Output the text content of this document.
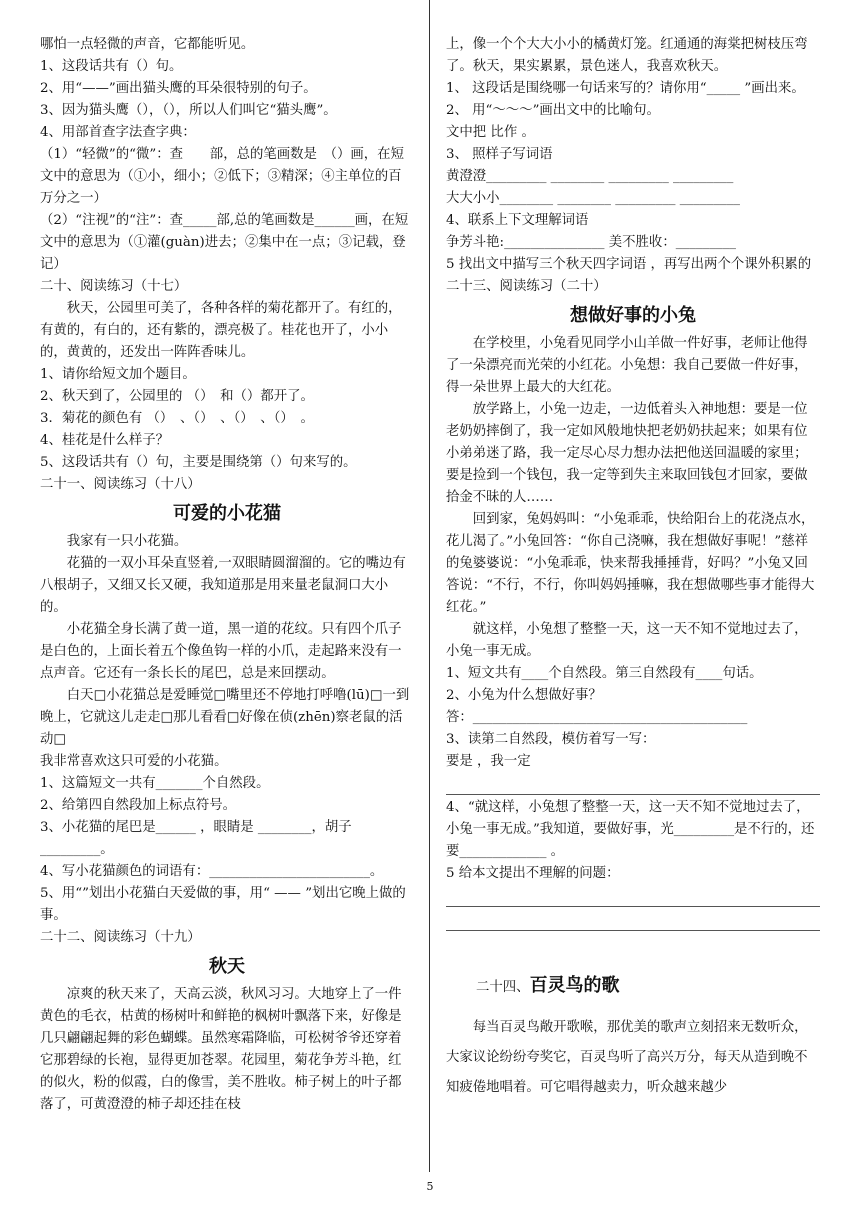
哪怕一点轻微的声音，它都能听见。

1、这段话共有（）句。

2、用“——”画出猫头鹰的耳朵很特别的句子。

3、因为猫头鹰（），（），所以人们叫它“猫头鹰”。

4、用部首查字法查字典：

（1）“轻微”的“微”：查　　部，总的笔画数是　（）画，在短文中的意思为（①小，细小；②低下；③精深；④主单位的百万分之一）

（2）“注视”的“注”：查_____部,总的笔画数是______画，在短文中的意思为（①灌(guàn)进去；②集中在一点；③记载，登记）

二十、阅读练习（十七）

秋天，公园里可美了，各种各样的菊花都开了。有红的，有黄的，有白的，还有紫的，漂亮极了。桂花也开了，小小的，黄黄的，还发出一阵阵香味儿。

1、请你给短文加个题目。

2、秋天到了，公园里的 （）　和（）都开了。

3．菊花的颜色有 （）　、（）　、（）　、（）　。

4、桂花是什么样子？

5、这段话共有（）句，主要是围绕第（）句来写的。

二十一、阅读练习（十八）

可爱的小花猫

我家有一只小花猫。

花猫的一双小耳朵直竖着,一双眼睛圆溜溜的。它的嘴边有八根胡子，又细又长又硬，我知道那是用来量老鼠洞口大小的。

小花猫全身长满了黄一道，黑一道的花纹。只有四个爪子是白色的，上面长着五个像鱼钩一样的小爪，走起路来没有一点声音。它还有一条长长的尾巴，总是来回摆动。

白天□小花猫总是爱睡觉□嘴里还不停地打呼噜(lū)□一到晚上，它就这儿走走□那儿看看□好像在侦(zhēn)察老鼠的活动□

我非常喜欢这只可爱的小花猫。

1、这篇短文一共有_______个自然段。

2、给第四自然段加上标点符号。

3、小花猫的尾巴是______ ，眼睛是 ________，胡子_________。

4、写小花猫颜色的词语有：________________________。

5、用“”划出小花猫白天爱做的事，用“ —— ”划出它晚上做的事。

二十二、阅读练习（十九）

秋天

凉爽的秋天来了，天高云淡，秋风习习。大地穿上了一件黄色的毛衣，枯黄的杨树叶和鲜艳的枫树叶飘落下来，好像是几只翩翩起舞的彩色蝴蝶。虽然寒霜降临，可松树爷爷还穿着它那碧绿的长袍，显得更加苍翠。花园里，菊花争芳斗艳，红的似火，粉的似霞，白的像雪，美不胜收。柿子树上的叶子都落了，可黄澄澄的柿子却还挂在枝

上，像一个个大大小小的橘黄灯笼。红通通的海棠把树枝压弯了。秋天，果实累累，景色迷人，我喜欢秋天。

1、 这段话是围绕哪一句话来写的？请你用“_____ ”画出来。

2、 用“～～～”画出文中的比喻句。

文中把 比作 。

3、 照样子写词语

黄澄澄_________ ________ _________ _________

大大小小________ ________ _________ _________

4、联系上下文理解词语

争芳斗艳:_______________ 美不胜收：_________

5 找出文中描写三个秋天四字词语 ，再写出两个个课外积累的

二十三、阅读练习（二十）

想做好事的小兔

在学校里，小兔看见同学小山羊做一件好事，老师让他得了一朵漂亮而光荣的小红花。小兔想：我自己要做一件好事，得一朵世界上最大的大红花。

放学路上，小兔一边走，一边低着头入神地想：要是一位老奶奶摔倒了，我一定如风般地快把老奶奶扶起来；如果有位小弟弟迷了路，我一定尽心尽力想办法把他送回温暖的家里；要是捡到一个钱包，我一定等到失主来取回钱包才回家，要做拾金不昧的人……

回到家，兔妈妈叫：“小兔乖乖，快给阳台上的花浇点水，花儿渴了。”小兔回答：“你自己浇嘛，我在想做好事呢！”慈祥的兔婆婆说：“小兔乖乖，快来帮我捶捶背，好吗？”小兔又回答说：“不行，不行，你叫妈妈捶嘛，我在想做哪些事才能得大红花。”

就这样，小兔想了整整一天，这一天不知不觉地过去了，小兔一事无成。

1、短文共有____个自然段。第三自然段有____句话。

2、小兔为什么想做好事？

答：_________________________________________

3、读第二自然段，模仿着写一写：

要是 ，我一定

4、“就这样，小兔想了整整一天，这一天不知不觉地过去了，小兔一事无成。”我知道，要做好事，光_________是不行的，还要_____________ 。

5 给本文提出不理解的问题：

二十四、百灵鸟的歌

每当百灵鸟敞开歌喉，那优美的歌声立刻招来无数听众，大家议论纷纷夸奖它，百灵鸟听了高兴万分，每天从造到晚不知疲倦地唱着。可它唱得越卖力，听众越来越少

5
